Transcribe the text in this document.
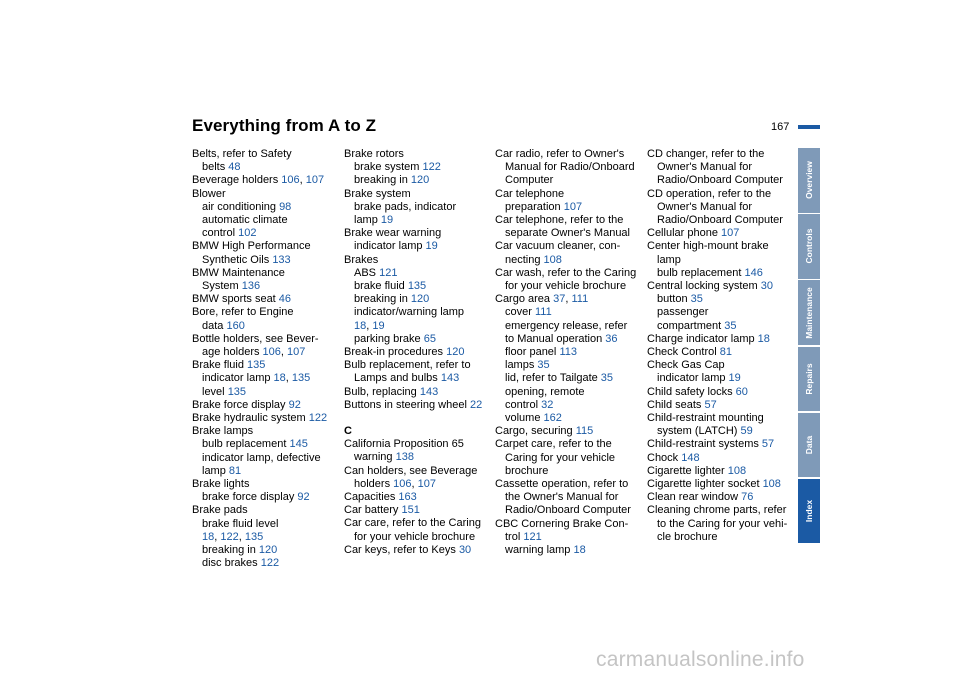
Everything from A to Z	167
Belts, refer to Safety
belts 48
Beverage holders 106, 107
Blower
air conditioning 98
automatic climate
control 102
BMW High Performance
Synthetic Oils 133
BMW Maintenance
System 136
BMW sports seat 46
Bore, refer to Engine
data 160
Bottle holders, see Bever-
age holders 106, 107
Brake fluid 135
indicator lamp 18, 135
level 135
Brake force display 92
Brake hydraulic system 122
Brake lamps
bulb replacement 145
indicator lamp, defective
lamp 81
Brake lights
brake force display 92
Brake pads
brake fluid level
18, 122, 135
breaking in 120
disc brakes 122
Brake rotors
brake system 122
breaking in 120
Brake system
brake pads, indicator
lamp 19
Brake wear warning
indicator lamp 19
Brakes
ABS 121
brake fluid 135
breaking in 120
indicator/warning lamp
18, 19
parking brake 65
Break-in procedures 120
Bulb replacement, refer to
Lamps and bulbs 143
Bulb, replacing 143
Buttons in steering wheel 22
C
California Proposition 65
warning 138
Can holders, see Beverage
holders 106, 107
Capacities 163
Car battery 151
Car care, refer to the Caring
for your vehicle brochure
Car keys, refer to Keys 30
Car radio, refer to Owner's
Manual for Radio/Onboard
Computer
Car telephone
preparation 107
Car telephone, refer to the
separate Owner's Manual
Car vacuum cleaner, con-
necting 108
Car wash, refer to the Caring
for your vehicle brochure
Cargo area 37, 111
cover 111
emergency release, refer
to Manual operation 36
floor panel 113
lamps 35
lid, refer to Tailgate 35
opening, remote
control 32
volume 162
Cargo, securing 115
Carpet care, refer to the
Caring for your vehicle
brochure
Cassette operation, refer to
the Owner's Manual for
Radio/Onboard Computer
CBC Cornering Brake Con-
trol 121
warning lamp 18
CD changer, refer to the
Owner's Manual for
Radio/Onboard Computer
CD operation, refer to the
Owner's Manual for
Radio/Onboard Computer
Cellular phone 107
Center high-mount brake
lamp
bulb replacement 146
Central locking system 30
button 35
passenger
compartment 35
Charge indicator lamp 18
Check Control 81
Check Gas Cap
indicator lamp 19
Child safety locks 60
Child seats 57
Child-restraint mounting
system (LATCH) 59
Child-restraint systems 57
Chock 148
Cigarette lighter 108
Cigarette lighter socket 108
Clean rear window 76
Cleaning chrome parts, refer
to the Caring for your vehi-
cle brochure
Overview
Controls
Maintenance
Repairs
Data
Index
carmanualsonline.info
